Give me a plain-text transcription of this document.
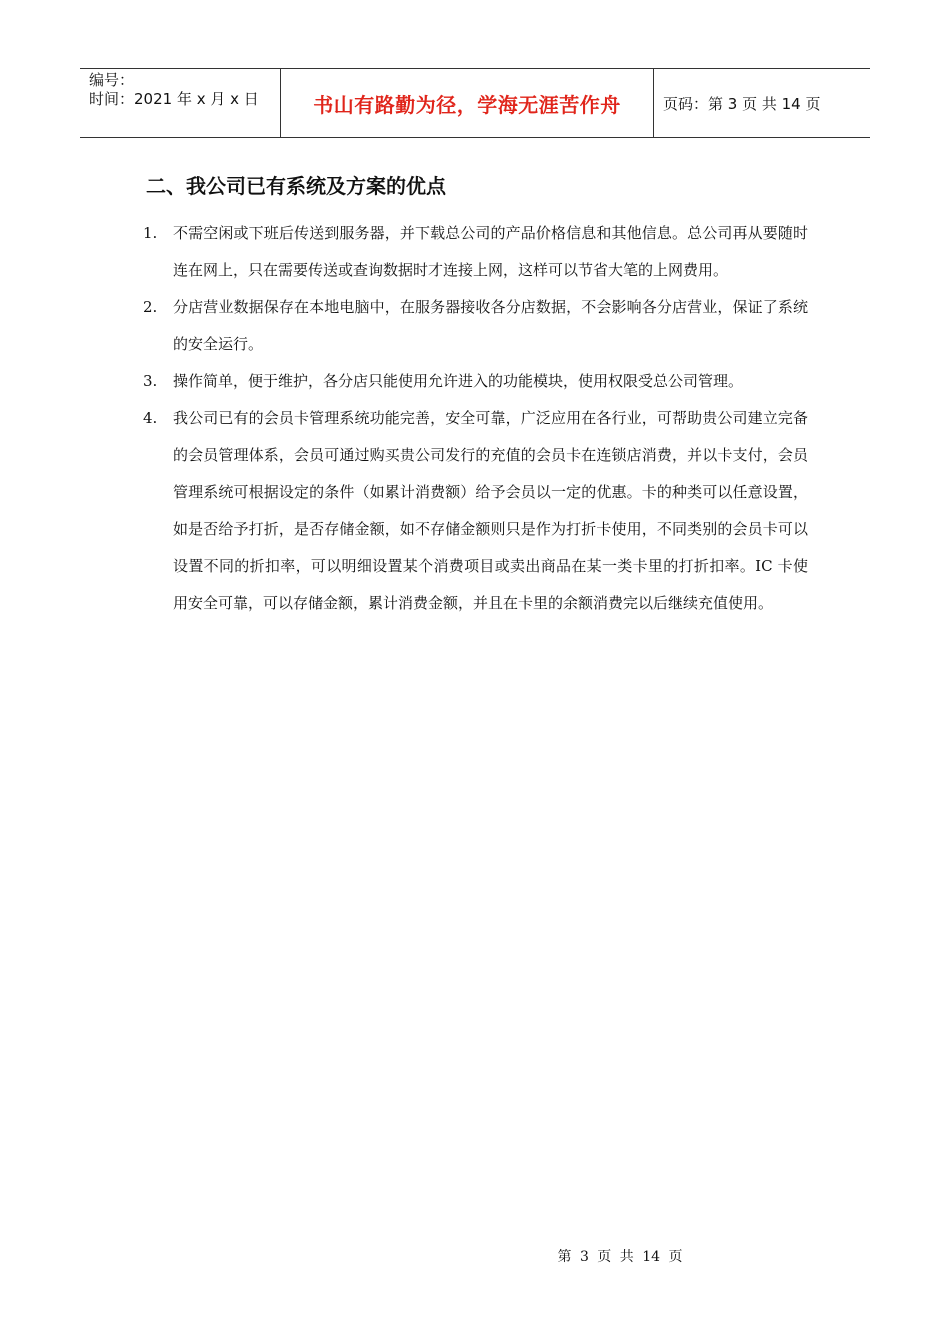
编号：
时间：2021 年 x 月 x 日	书山有路勤为径，学海无涯苦作舟	页码：第 3 页 共 14 页
二、我公司已有系统及方案的优点
1.	不需空闲或下班后传送到服务器，并下载总公司的产品价格信息和其他信息。总公司再从要随时连在网上，只在需要传送或查询数据时才连接上网，这样可以节省大笔的上网费用。
2.	分店营业数据保存在本地电脑中，在服务器接收各分店数据，不会影响各分店营业，保证了系统的安全运行。
3.	操作简单，便于维护，各分店只能使用允许进入的功能模块，使用权限受总公司管理。
4.	我公司已有的会员卡管理系统功能完善，安全可靠，广泛应用在各行业，可帮助贵公司建立完备的会员管理体系，会员可通过购买贵公司发行的充值的会员卡在连锁店消费，并以卡支付，会员管理系统可根据设定的条件（如累计消费额）给予会员以一定的优惠。卡的种类可以任意设置，如是否给予打折，是否存储金额，如不存储金额则只是作为打折卡使用，不同类别的会员卡可以设置不同的折扣率，可以明细设置某个消费项目或卖出商品在某一类卡里的打折扣率。IC 卡使用安全可靠，可以存储金额，累计消费金额，并且在卡里的余额消费完以后继续充值使用。
第 3 页 共 14 页
